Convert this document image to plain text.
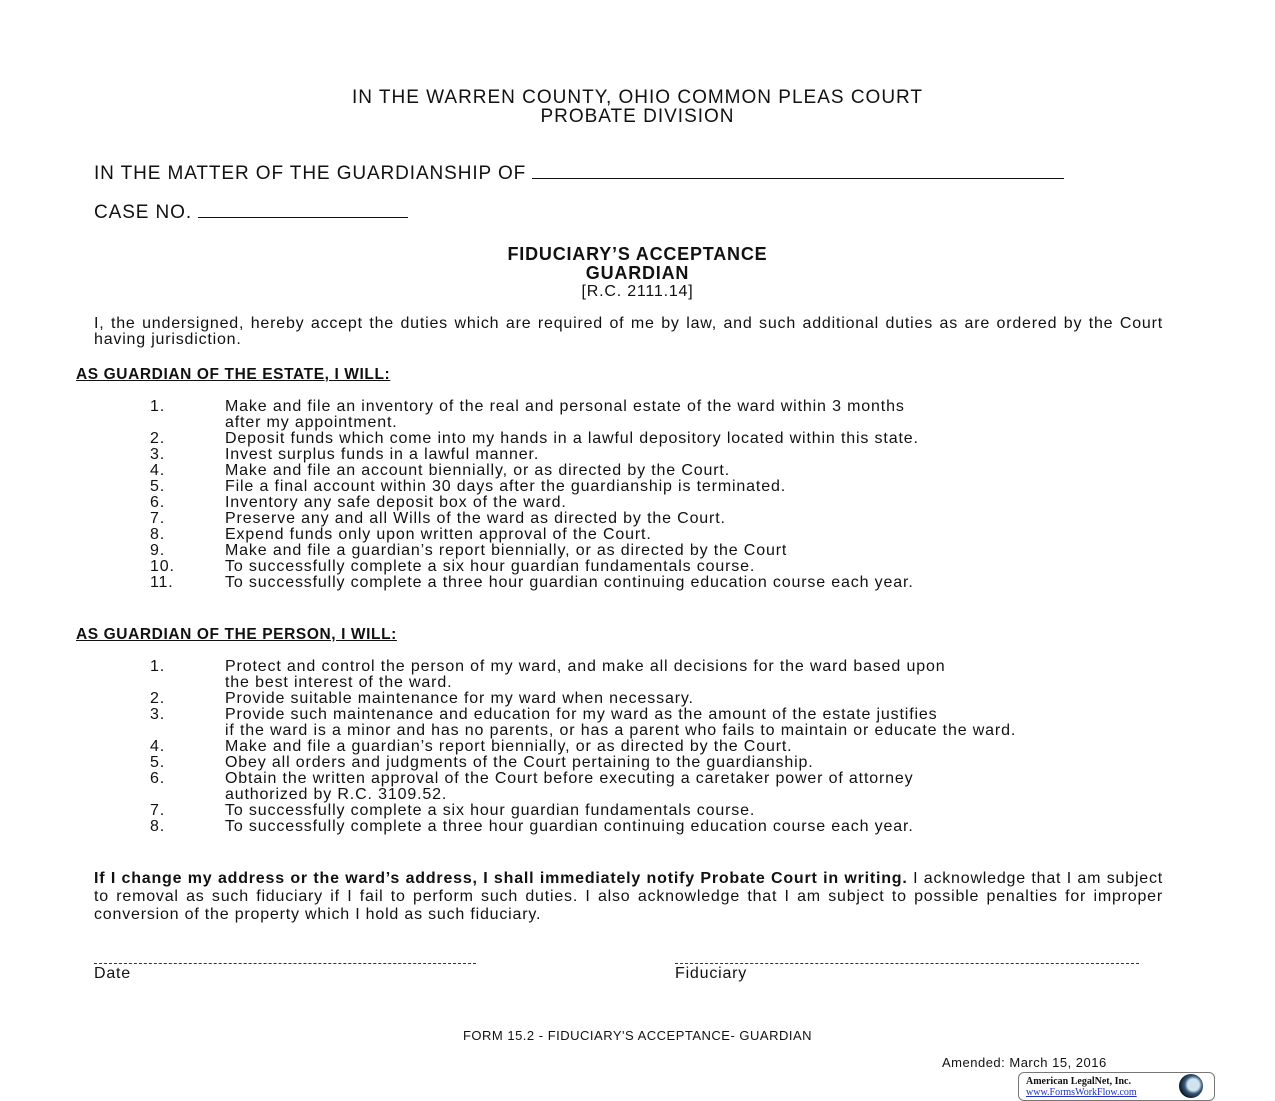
IN THE WARREN COUNTY, OHIO COMMON PLEAS COURT
PROBATE DIVISION
IN THE MATTER OF THE GUARDIANSHIP OF
CASE NO.
FIDUCIARY’S ACCEPTANCE
GUARDIAN
[R.C. 2111.14]
I, the undersigned, hereby accept the duties which are required of me by law, and such additional duties as are ordered by the Court having jurisdiction.
AS GUARDIAN OF THE ESTATE, I WILL:
1.	Make and file an inventory of the real and personal estate of the ward within 3 months
after my appointment.
2.	Deposit funds which come into my hands in a lawful depository located within this state.
3.	Invest surplus funds in a lawful manner.
4.	Make and file an account biennially, or as directed by the Court.
5.	File a final account within 30 days after the guardianship is terminated.
6.	Inventory any safe deposit box of the ward.
7.	Preserve any and all Wills of the ward as directed by the Court.
8.	Expend funds only upon written approval of the Court.
9.	Make and file a guardian’s report biennially, or as directed by the Court
10.	To successfully complete a six hour guardian fundamentals course.
11.	To successfully complete a three hour guardian continuing education course each year.
AS GUARDIAN OF THE PERSON, I WILL:
1.	Protect and control the person of my ward, and make all decisions for the ward based upon
the best interest of the ward.
2.	Provide suitable maintenance for my ward when necessary.
3.	Provide such maintenance and education for my ward as the amount of the estate justifies
if the ward is a minor and has no parents, or has a parent who fails to maintain or educate the ward.
4.	Make and file a guardian’s report biennially, or as directed by the Court.
5.	Obey all orders and judgments of the Court pertaining to the guardianship.
6.	Obtain the written approval of the Court before executing a caretaker power of attorney
authorized by R.C. 3109.52.
7.	To successfully complete a six hour guardian fundamentals course.
8.	To successfully complete a three hour guardian continuing education course each year.
If I change my address or the ward’s address, I shall immediately notify Probate Court in writing. I acknowledge that I am subject to removal as such fiduciary if I fail to perform such duties. I also acknowledge that I am subject to possible penalties for improper conversion of the property which I hold as such fiduciary.
Date	Fiduciary
FORM 15.2 - FIDUCIARY'S ACCEPTANCE- GUARDIAN
Amended: March 15, 2016
American LegalNet, Inc.
www.FormsWorkFlow.com
